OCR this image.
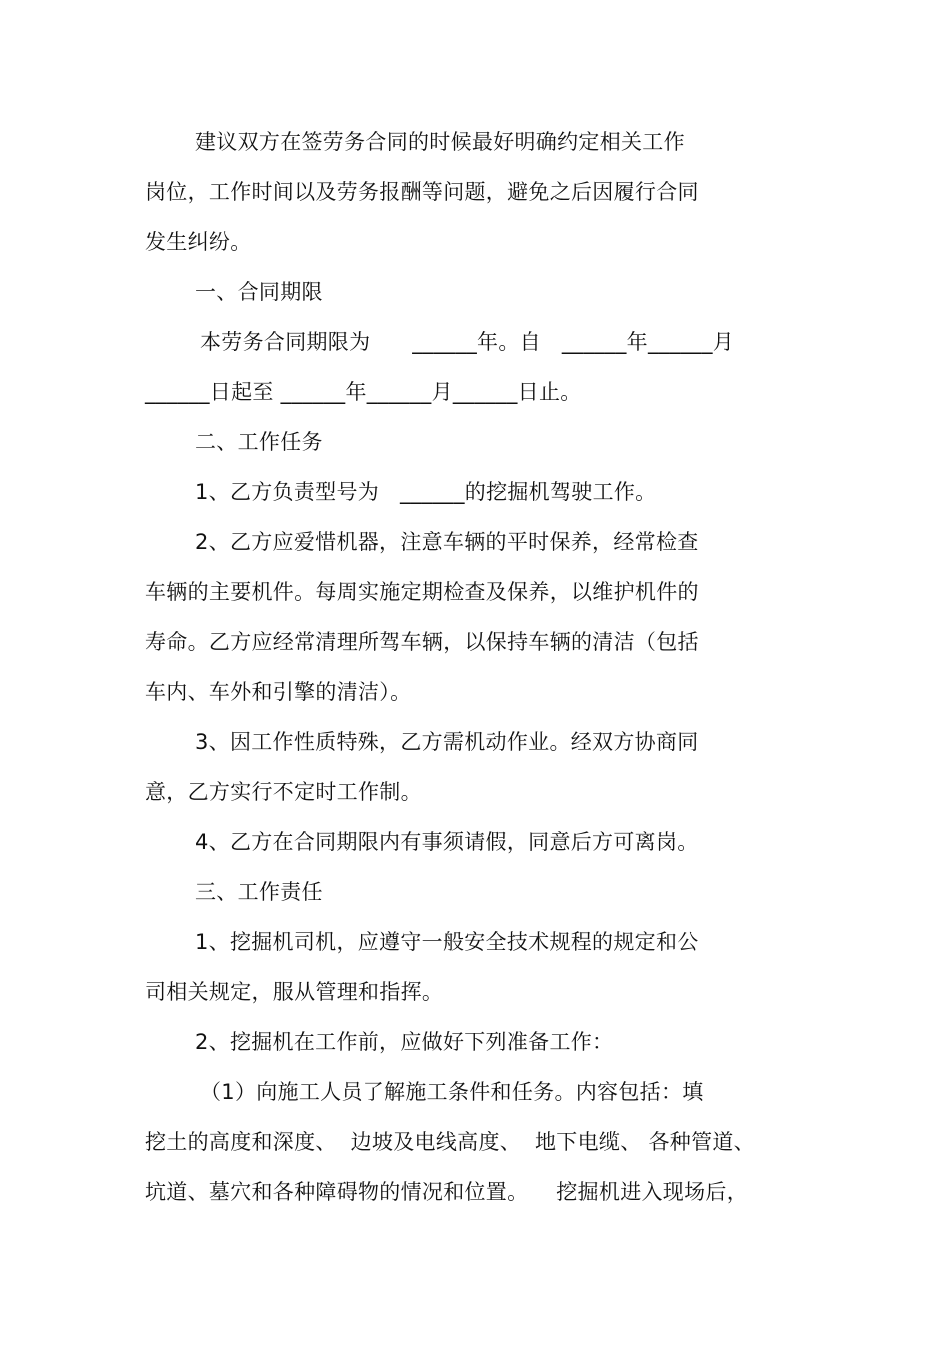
建议双方在签劳务合同的时候最好明确约定相关工作
岗位，工作时间以及劳务报酬等问题，避免之后因履行合同
发生纠纷。
一、合同期限
本劳务合同期限为      ______年。自   ______年______月
______日起至 ______年______月______日止。
二、工作任务
1、乙方负责型号为   ______的挖掘机驾驶工作。
2、乙方应爱惜机器，注意车辆的平时保养，经常检查
车辆的主要机件。每周实施定期检查及保养，以维护机件的
寿命。乙方应经常清理所驾车辆，以保持车辆的清洁（包括
车内、车外和引擎的清洁）。
3、因工作性质特殊，乙方需机动作业。经双方协商同
意，乙方实行不定时工作制。
4、乙方在合同期限内有事须请假，同意后方可离岗。
三、工作责任
1、挖掘机司机，应遵守一般安全技术规程的规定和公
司相关规定，服从管理和指挥。
2、挖掘机在工作前，应做好下列准备工作：
（1）向施工人员了解施工条件和任务。内容包括：填
挖土的高度和深度、  边坡及电线高度、  地下电缆、 各种管道、
坑道、墓穴和各种障碍物的情况和位置。    挖掘机进入现场后，
